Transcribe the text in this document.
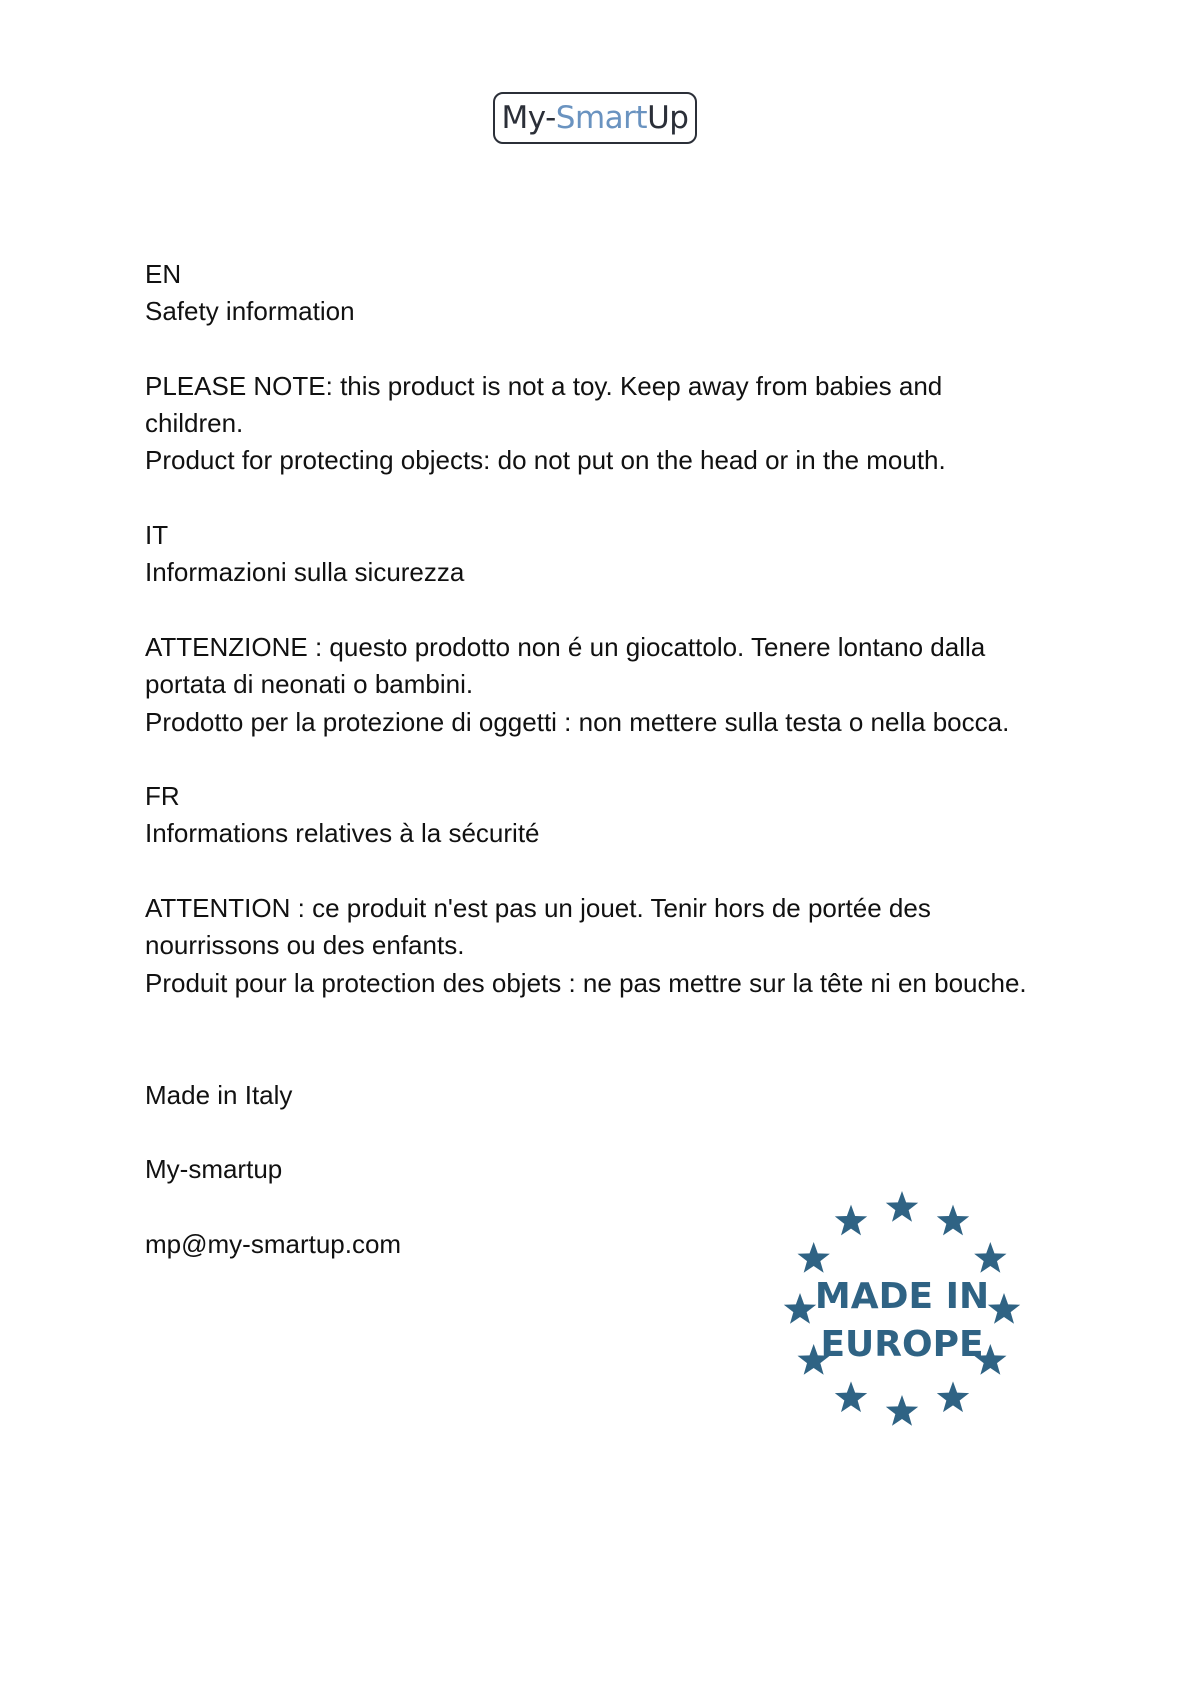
My- Smart Up

EN

Safety information

PLEASE NOTE: this product is not a toy. Keep away from babies and children.

Product for protecting objects: do not put on the head or in the mouth.

IT

Informazioni sulla sicurezza

ATTENZIONE : questo prodotto non é un giocattolo. Tenere lontano dalla portata di neonati o bambini.

Prodotto per la protezione di oggetti : non mettere sulla testa o nella bocca.

FR

Informations relatives à la sécurité

ATTENTION : ce produit n'est pas un jouet. Tenir hors de portée des nourrissons ou des enfants.

Produit pour la protection des objets : ne pas mettre sur la tête ni en bouche.

Made in Italy

My-smartup

mp@my-smartup.com

MADE IN
EUROPE
